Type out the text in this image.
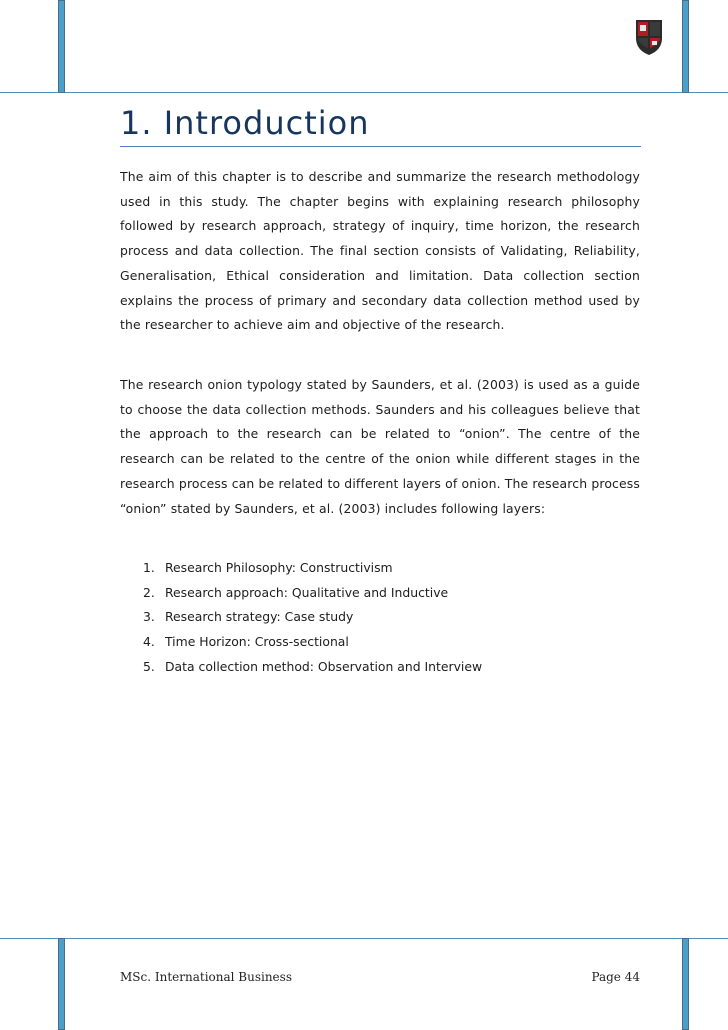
1. Introduction

The aim of this chapter is to describe and summarize the research methodology used in this study. The chapter begins with explaining research philosophy followed by research approach, strategy of inquiry, time horizon, the research process and data collection. The final section consists of Validating, Reliability, Generalisation, Ethical consideration and limitation. Data collection section explains the process of primary and secondary data collection method used by the researcher to achieve aim and objective of the research.

The research onion typology stated by Saunders, et al. (2003) is used as a guide to choose the data collection methods. Saunders and his colleagues believe that the approach to the research can be related to “onion”. The centre of the research can be related to the centre of the onion while different stages in the research process can be related to different layers of onion. The research process “onion” stated by Saunders, et al. (2003) includes following layers:

1. Research Philosophy: Constructivism
2. Research approach: Qualitative and Inductive
3. Research strategy: Case study
4. Time Horizon: Cross-sectional
5. Data collection method: Observation and Interview
MSc. International Business	Page 44
